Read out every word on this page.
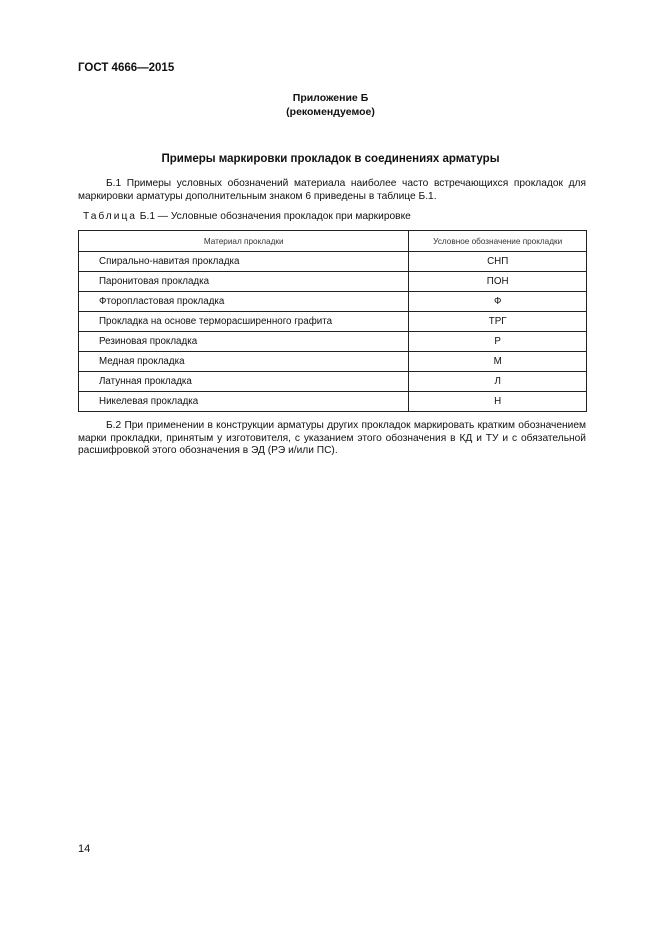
ГОСТ 4666—2015
Приложение Б
(рекомендуемое)
Примеры маркировки прокладок в соединениях арматуры
Б.1 Примеры условных обозначений материала наиболее часто встречающихся прокладок для маркировки арматуры дополнительным знаком 6 приведены в таблице Б.1.
Таблица Б.1 — Условные обозначения прокладок при маркировке
Материал прокладки	Условное обозначение прокладки
Спирально-навитая прокладка	СНП
Паронитовая прокладка	ПОН
Фторопластовая прокладка	Ф
Прокладка на основе терморасширенного графита	ТРГ
Резиновая прокладка	Р
Медная прокладка	М
Латунная прокладка	Л
Никелевая прокладка	Н
Б.2 При применении в конструкции арматуры других прокладок маркировать кратким обозначением марки прокладки, принятым у изготовителя, с указанием этого обозначения в КД и ТУ и с обязательной расшифровкой этого обозначения в ЭД (РЭ и/или ПС).
14
